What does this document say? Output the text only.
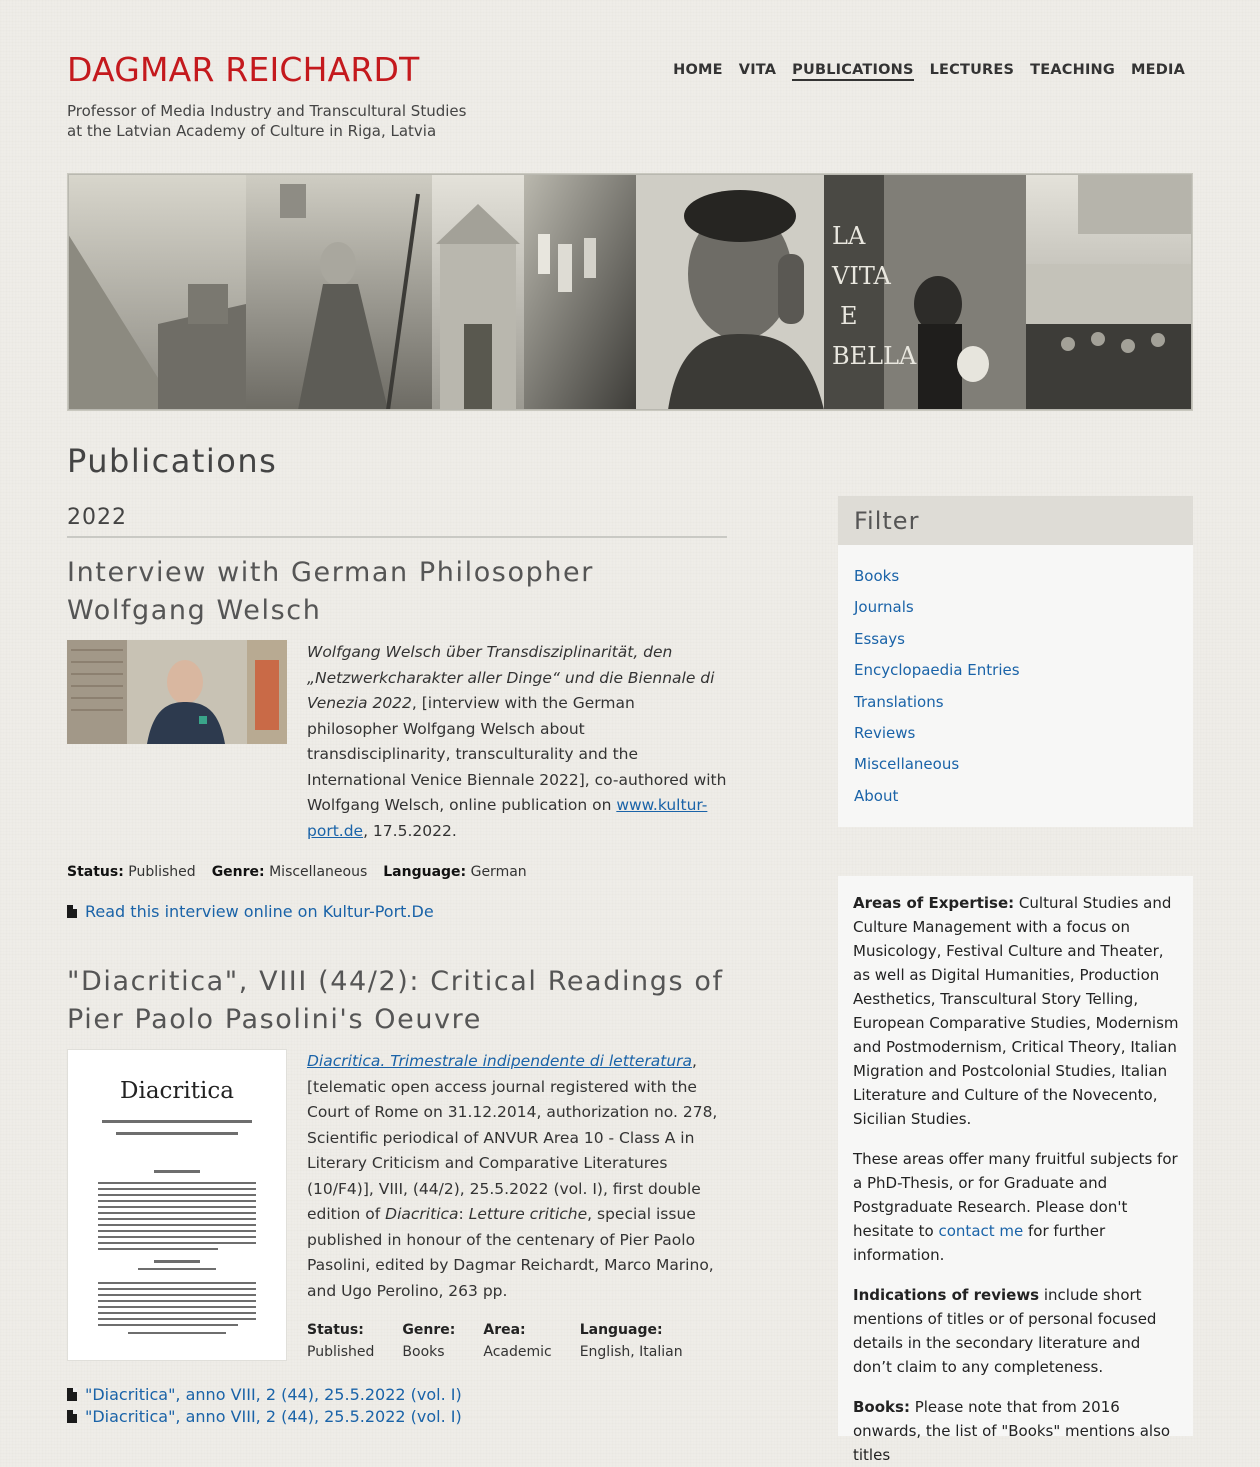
DAGMAR REICHARDT
Professor of Media Industry and Transcultural Studies
at the Latvian Academy of Culture in Riga, Latvia
HOME VITA PUBLICATIONS LECTURES TEACHING MEDIA
LA
VITA
E
BELLA
Publications
2022
Interview with German Philosopher Wolfgang Welsch
Wolfgang Welsch über Transdisziplinarität, den „Netzwerkcharakter aller Dinge“ und die Biennale di Venezia 2022, [interview with the German philosopher Wolfgang Welsch about transdisciplinarity, transculturality and the International Venice Biennale 2022], co-authored with Wolfgang Welsch, online publication on www.kultur-port.de, 17.5.2022.
Status: Published Genre: Miscellaneous Language: German
Read this interview online on Kultur-Port.De
"Diacritica", VIII (44/2): Critical Readings of Pier Paolo Pasolini's Oeuvre
Diacritica
Diacritica. Trimestrale indipendente di letteratura, [telematic open access journal registered with the Court of Rome on 31.12.2014, authorization no. 278, Scientific periodical of ANVUR Area 10 - Class A in Literary Criticism and Comparative Literatures (10/F4)], VIII, (44/2), 25.5.2022 (vol. I), first double edition of Diacritica: Letture critiche, special issue published in honour of the centenary of Pier Paolo Pasolini, edited by Dagmar Reichardt, Marco Marino, and Ugo Perolino, 263 pp.
Status:
Published
Genre:
Books
Area:
Academic
Language:
English, Italian
"Diacritica", anno VIII, 2 (44), 25.5.2022 (vol. I)
"Diacritica", anno VIII, 2 (44), 25.5.2022 (vol. I)
Filter
Books
Journals
Essays
Encyclopaedia Entries
Translations
Reviews
Miscellaneous
About

Areas of Expertise: Cultural Studies and Culture Management with a focus on Musicology, Festival Culture and Theater, as well as Digital Humanities, Production Aesthetics, Transcultural Story Telling, European Comparative Studies, Modernism and Postmodernism, Critical Theory, Italian Migration and Postcolonial Studies, Italian Literature and Culture of the Novecento, Sicilian Studies.

These areas offer many fruitful subjects for a PhD-Thesis, or for Graduate and Postgraduate Research. Please don't hesitate to contact me for further information.

Indications of reviews include short mentions of titles or of personal focused details in the secondary literature and don’t claim to any completeness.

Books: Please note that from 2016 onwards, the list of "Books" mentions also titles
